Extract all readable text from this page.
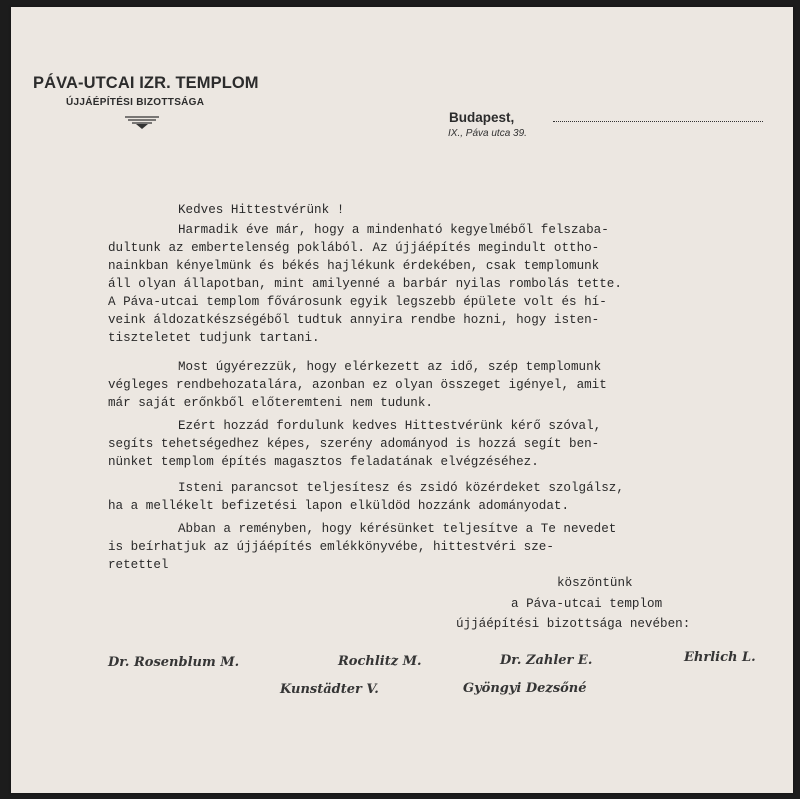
PÁVA-UTCAI IZR. TEMPLOM
ÚJJÁÉPÍTÉSI BIZOTTSÁGA
Budapest,
IX., Páva utca 39.
Kedves Hittestvérünk !
Harmadik éve már, hogy a mindenható kegyelméből felszaba-
dultunk az embertelenség poklából. Az újjáépítés megindult ottho-
nainkban kényelmünk és békés hajlékunk érdekében, csak templomunk
áll olyan állapotban, mint amilyenné a barbár nyilas rombolás tette.
A Páva-utcai templom fővárosunk egyik legszebb épülete volt és hí-
veink áldozatkészségéből tudtuk annyira rendbe hozni, hogy isten-
tiszteletet tudjunk tartani.
Most úgyérezzük, hogy elérkezett az idő, szép templomunk
végleges rendbehozatalára, azonban ez olyan összeget igényel, amit
már saját erőnkből előteremteni nem tudunk.
Ezért hozzád fordulunk kedves Hittestvérünk kérő szóval,
segíts tehetségedhez képes, szerény adományod is hozzá segít ben-
nünket templom építés magasztos feladatának elvégzéséhez.
Isteni parancsot teljesítesz és zsidó közérdeket szolgálsz,
ha a mellékelt befizetési lapon elküldöd hozzánk adományodat.
Abban a reményben, hogy kérésünket teljesítve a Te nevedet
is beírhatjuk az újjáépítés emlékkönyvébe, hittestvéri sze-
retettel
köszöntünk
a Páva-utcai templom
újjáépítési bizottsága nevében:
Dr. Rosenblum M.	Rochlitz M.	Dr. Zahler E.	Ehrlich L.
Kunstädter V.	Gyöngyi Dezsőné
